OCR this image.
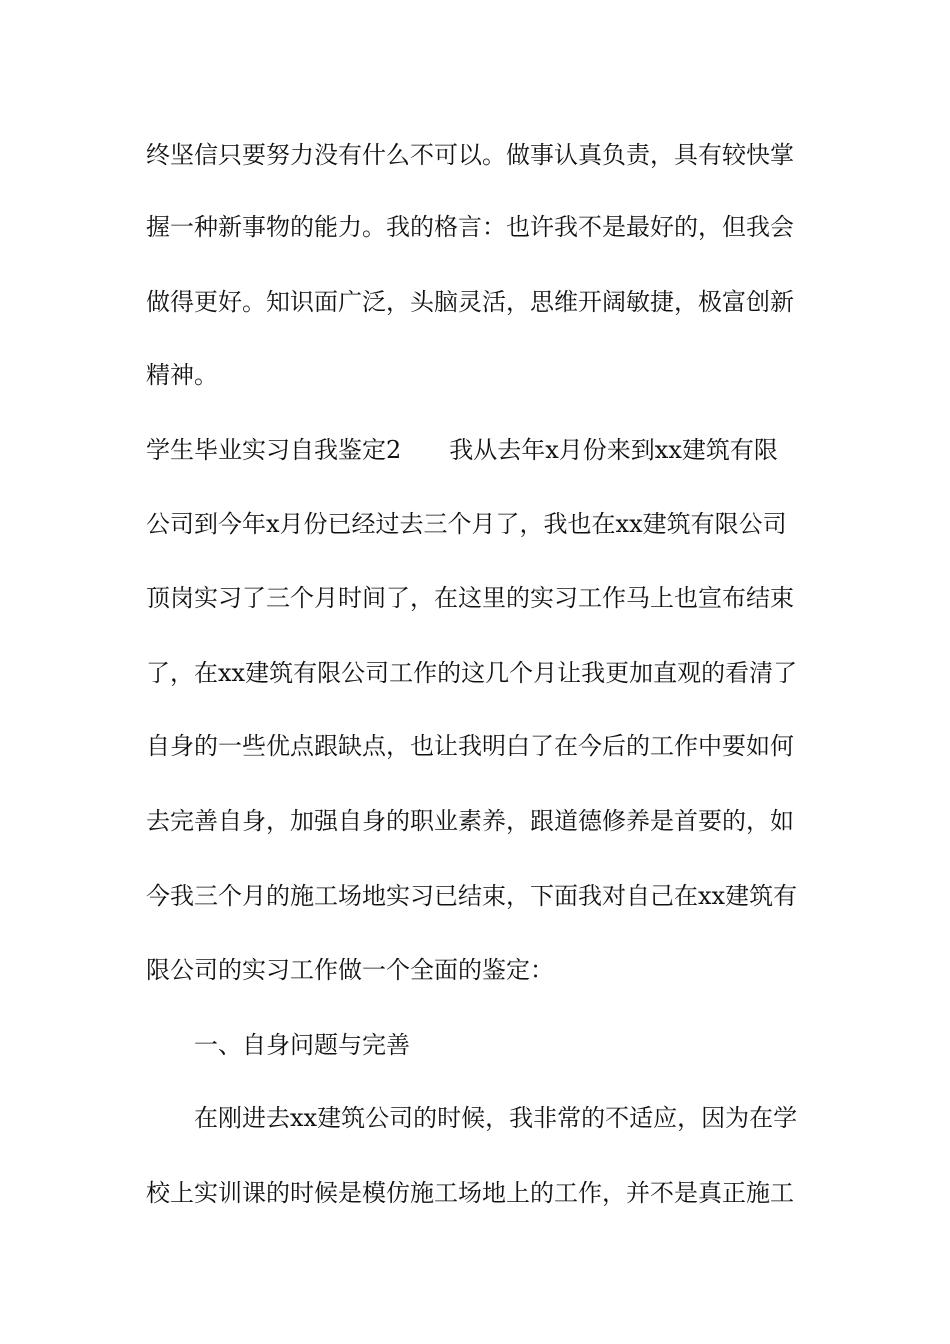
终坚信只要努力没有什么不可以。做事认真负责，具有较快掌
握一种新事物的能力。我的格言：也许我不是最好的，但我会
做得更好。知识面广泛，头脑灵活，思维开阔敏捷，极富创新
精神。
学生毕业实习自我鉴定2　　我从去年x月份来到xx建筑有限
公司到今年x月份已经过去三个月了，我也在xx建筑有限公司
顶岗实习了三个月时间了，在这里的实习工作马上也宣布结束
了，在xx建筑有限公司工作的这几个月让我更加直观的看清了
自身的一些优点跟缺点，也让我明白了在今后的工作中要如何
去完善自身，加强自身的职业素养，跟道德修养是首要的，如
今我三个月的施工场地实习已结束，下面我对自己在xx建筑有
限公司的实习工作做一个全面的鉴定：
　　一、自身问题与完善
　　在刚进去xx建筑公司的时候，我非常的不适应，因为在学
校上实训课的时候是模仿施工场地上的工作，并不是真正施工
